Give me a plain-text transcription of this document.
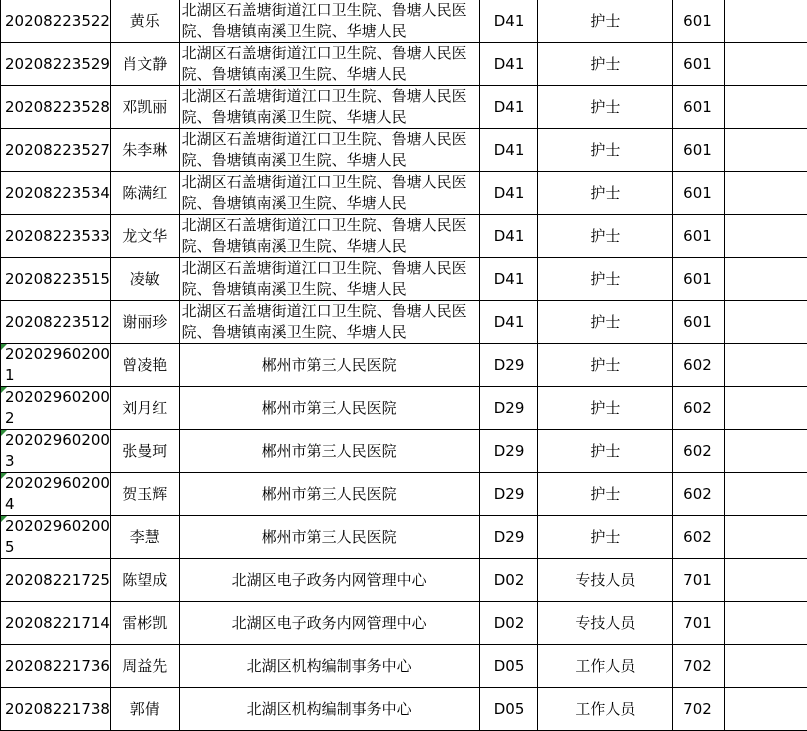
20208223522	黄乐	北湖区石盖塘街道江口卫生院、鲁塘人民医院、鲁塘镇南溪卫生院、华塘人民	D41	护士	601	
20208223529	肖文静	北湖区石盖塘街道江口卫生院、鲁塘人民医院、鲁塘镇南溪卫生院、华塘人民	D41	护士	601	
20208223528	邓凯丽	北湖区石盖塘街道江口卫生院、鲁塘人民医院、鲁塘镇南溪卫生院、华塘人民	D41	护士	601	
20208223527	朱李琳	北湖区石盖塘街道江口卫生院、鲁塘人民医院、鲁塘镇南溪卫生院、华塘人民	D41	护士	601	
20208223534	陈满红	北湖区石盖塘街道江口卫生院、鲁塘人民医院、鲁塘镇南溪卫生院、华塘人民	D41	护士	601	
20208223533	龙文华	北湖区石盖塘街道江口卫生院、鲁塘人民医院、鲁塘镇南溪卫生院、华塘人民	D41	护士	601	
20208223515	凌敏	北湖区石盖塘街道江口卫生院、鲁塘人民医院、鲁塘镇南溪卫生院、华塘人民	D41	护士	601	
20208223512	谢丽珍	北湖区石盖塘街道江口卫生院、鲁塘人民医院、鲁塘镇南溪卫生院、华塘人民	D41	护士	601	
202029602001	曾凌艳	郴州市第三人民医院	D29	护士	602	
202029602002	刘月红	郴州市第三人民医院	D29	护士	602	
202029602003	张曼珂	郴州市第三人民医院	D29	护士	602	
202029602004	贺玉辉	郴州市第三人民医院	D29	护士	602	
202029602005	李慧	郴州市第三人民医院	D29	护士	602	
20208221725	陈望成	北湖区电子政务内网管理中心	D02	专技人员	701	
20208221714	雷彬凯	北湖区电子政务内网管理中心	D02	专技人员	701	
20208221736	周益先	北湖区机构编制事务中心	D05	工作人员	702	
20208221738	郭倩	北湖区机构编制事务中心	D05	工作人员	702	
